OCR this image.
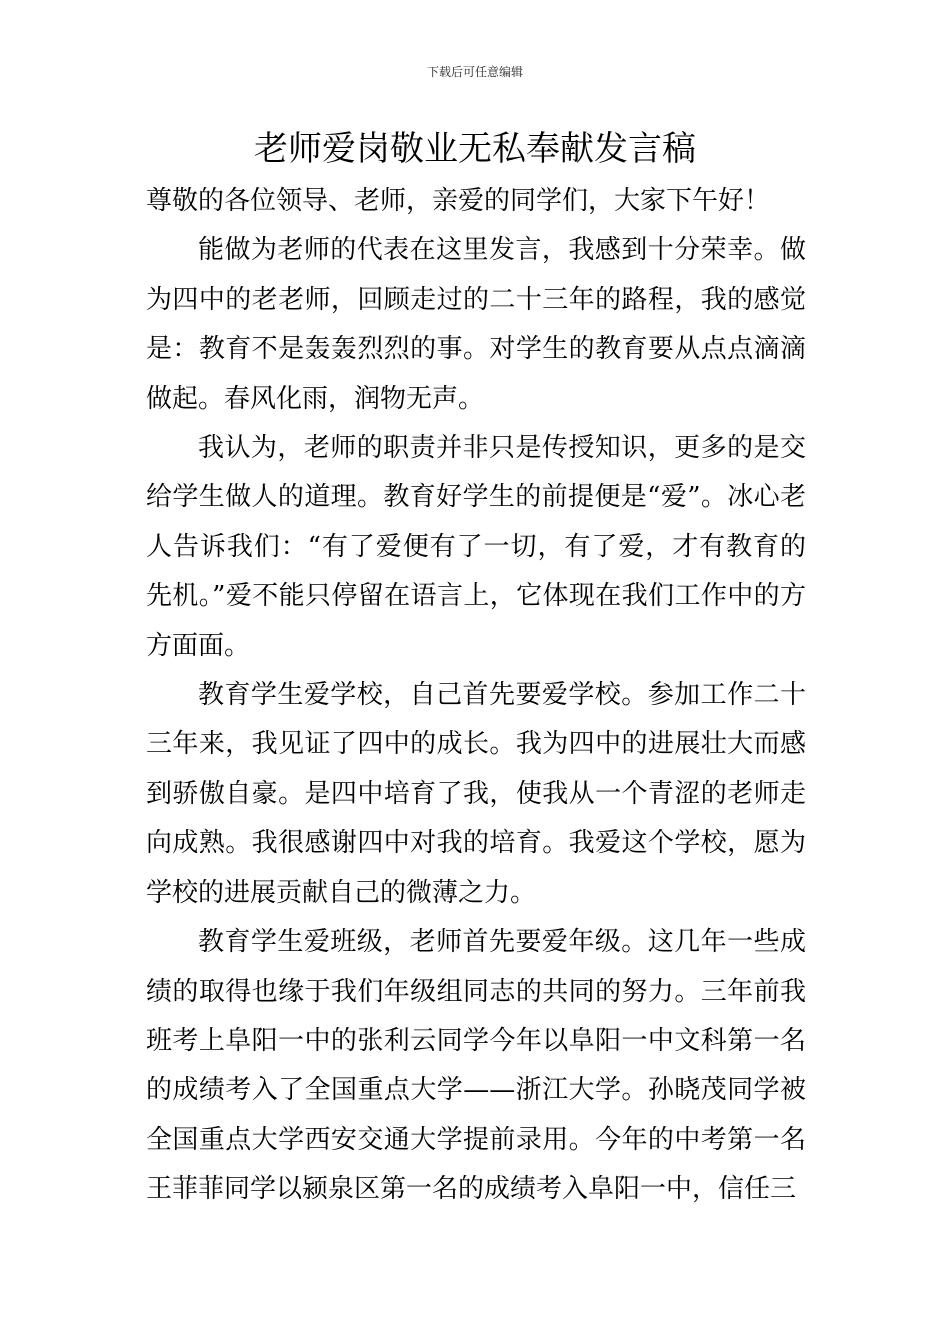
下载后可任意编辑
老师爱岗敬业无私奉献发言稿

尊敬的各位领导、老师，亲爱的同学们，大家下午好！

能做为老师的代表在这里发言，我感到十分荣幸。做为四中的老老师，回顾走过的二十三年的路程，我的感觉是：教育不是轰轰烈烈的事。对学生的教育要从点点滴滴做起。春风化雨，润物无声。

我认为，老师的职责并非只是传授知识，更多的是交给学生做人的道理。教育好学生的前提便是“爱”。冰心老人告诉我们：“有了爱便有了一切，有了爱，才有教育的先机。”爱不能只停留在语言上，它体现在我们工作中的方方面面。

教育学生爱学校，自己首先要爱学校。参加工作二十三年来，我见证了四中的成长。我为四中的进展壮大而感到骄傲自豪。是四中培育了我，使我从一个青涩的老师走向成熟。我很感谢四中对我的培育。我爱这个学校，愿为学校的进展贡献自己的微薄之力。

教育学生爱班级，老师首先要爱年级。这几年一些成绩的取得也缘于我们年级组同志的共同的努力。三年前我班考上阜阳一中的张利云同学今年以阜阳一中文科第一名的成绩考入了全国重点大学——浙江大学。孙晓茂同学被全国重点大学西安交通大学提前录用。今年的中考第一名王菲菲同学以颍泉区第一名的成绩考入阜阳一中，信任三
